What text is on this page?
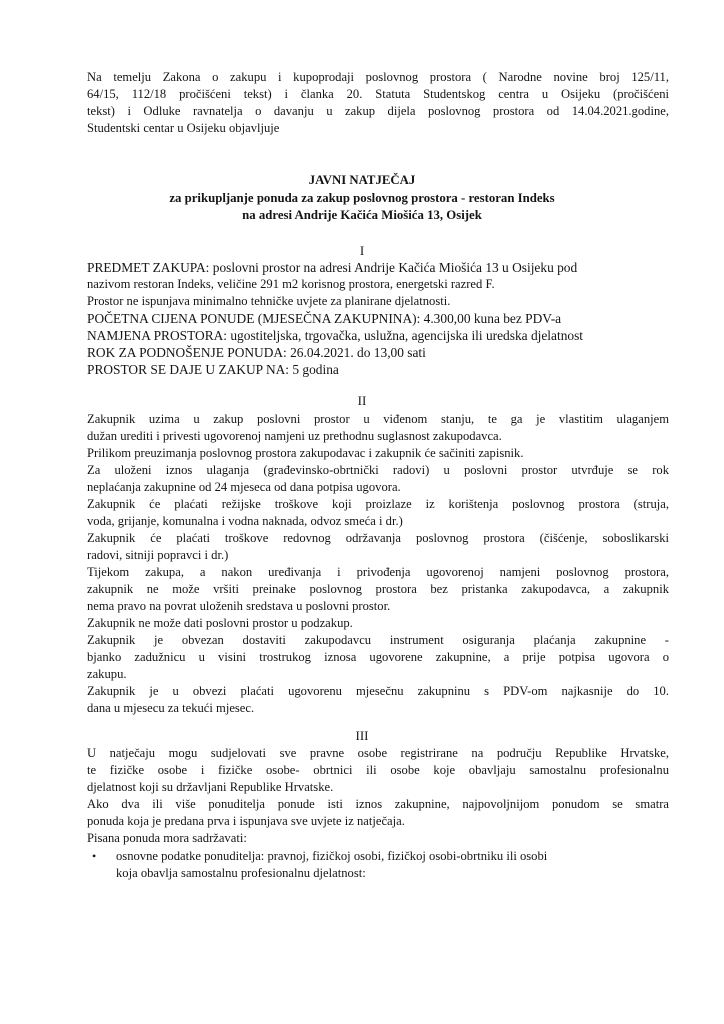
Na temelju Zakona o zakupu i kupoprodaji poslovnog prostora ( Narodne novine broj 125/11,
64/15, 112/18 pročišćeni tekst) i članka 20. Statuta Studentskog centra u Osijeku (pročišćeni
tekst) i Odluke ravnatelja o davanju u zakup dijela poslovnog prostora od 14.04.2021.godine,
Studentski centar u Osijeku objavljuje
JAVNI NATJEČAJ
za prikupljanje ponuda za zakup poslovnog prostora - restoran Indeks
na adresi Andrije Kačića Miošića 13, Osijek
I
PREDMET ZAKUPA: poslovni prostor na adresi Andrije Kačića Miošića 13 u Osijeku pod
nazivom restoran Indeks, veličine 291 m2 korisnog prostora, energetski razred F.
Prostor ne ispunjava minimalno tehničke uvjete za planirane djelatnosti.
POČETNA CIJENA PONUDE (MJESEČNA ZAKUPNINA): 4.300,00 kuna bez PDV-a
NAMJENA PROSTORA: ugostiteljska, trgovačka, uslužna, agencijska ili uredska djelatnost
ROK ZA PODNOŠENJE PONUDA: 26.04.2021. do 13,00 sati
PROSTOR SE DAJE U ZAKUP NA: 5 godina
II
Zakupnik uzima u zakup poslovni prostor u viđenom stanju, te ga je vlastitim ulaganjem
dužan urediti i privesti ugovorenoj namjeni uz prethodnu suglasnost zakupodavca.
Prilikom preuzimanja poslovnog prostora zakupodavac i zakupnik će sačiniti zapisnik.
Za uloženi iznos ulaganja (građevinsko-obrtnički radovi) u poslovni prostor utvrđuje se rok
neplaćanja zakupnine od 24 mjeseca od dana potpisa ugovora.
Zakupnik će plaćati režijske troškove koji proizlaze iz korištenja poslovnog prostora (struja,
voda, grijanje, komunalna i vodna naknada, odvoz smeća i dr.)
Zakupnik će plaćati troškove redovnog održavanja poslovnog prostora (čišćenje, soboslikarski
radovi, sitniji popravci i dr.)
Tijekom zakupa, a nakon uređivanja i privođenja ugovorenoj namjeni poslovnog prostora,
zakupnik ne može vršiti preinake poslovnog prostora bez pristanka zakupodavca, a zakupnik
nema pravo na povrat uloženih sredstava u poslovni prostor.
Zakupnik ne može dati poslovni prostor u podzakup.
Zakupnik je obvezan dostaviti zakupodavcu instrument osiguranja plaćanja zakupnine -
bjanko zadužnicu u visini trostrukog iznosa ugovorene zakupnine, a prije potpisa ugovora o
zakupu.
Zakupnik je u obvezi plaćati ugovorenu mjesečnu zakupninu s PDV-om najkasnije do 10.
dana u mjesecu za tekući mjesec.
III
U natječaju mogu sudjelovati sve pravne osobe registrirane na području Republike Hrvatske,
te fizičke osobe i fizičke osobe- obrtnici ili osobe koje obavljaju samostalnu profesionalnu
djelatnost koji su državljani Republike Hrvatske.
Ako dva ili više ponuditelja ponude isti iznos zakupnine, najpovoljnijom ponudom se smatra
ponuda koja je predana prva i ispunjava sve uvjete iz natječaja.
Pisana ponuda mora sadržavati:
• osnovne podatke ponuditelja: pravnoj, fizičkoj osobi, fizičkoj osobi-obrtniku ili osobi
koja obavlja samostalnu profesionalnu djelatnost:
